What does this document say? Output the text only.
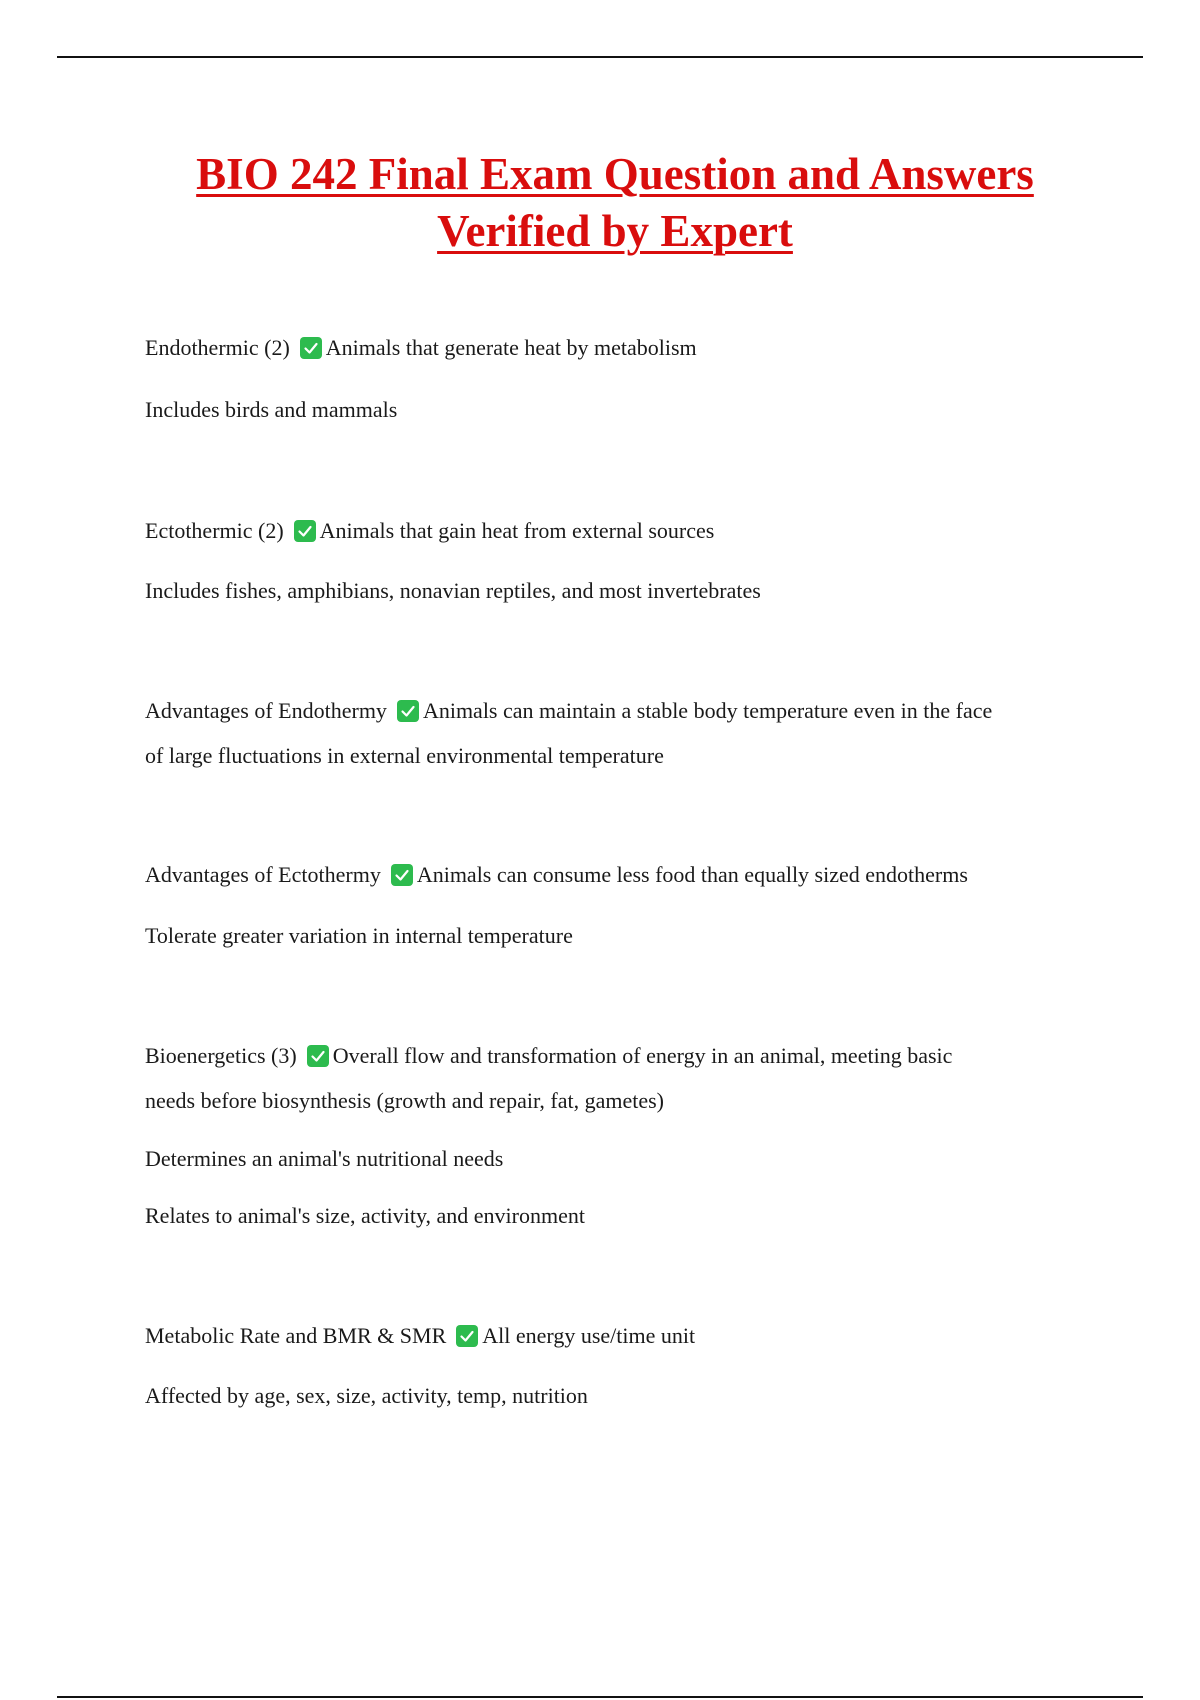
BIO 242 Final Exam Question and Answers
Verified by Expert
Endothermic (2) Animals that generate heat by metabolism
Includes birds and mammals
Ectothermic (2) Animals that gain heat from external sources
Includes fishes, amphibians, nonavian reptiles, and most invertebrates
Advantages of Endothermy Animals can maintain a stable body temperature even in the face
of large fluctuations in external environmental temperature
Advantages of Ectothermy Animals can consume less food than equally sized endotherms
Tolerate greater variation in internal temperature
Bioenergetics (3) Overall flow and transformation of energy in an animal, meeting basic
needs before biosynthesis (growth and repair, fat, gametes)
Determines an animal's nutritional needs
Relates to animal's size, activity, and environment
Metabolic Rate and BMR & SMR All energy use/time unit
Affected by age, sex, size, activity, temp, nutrition
